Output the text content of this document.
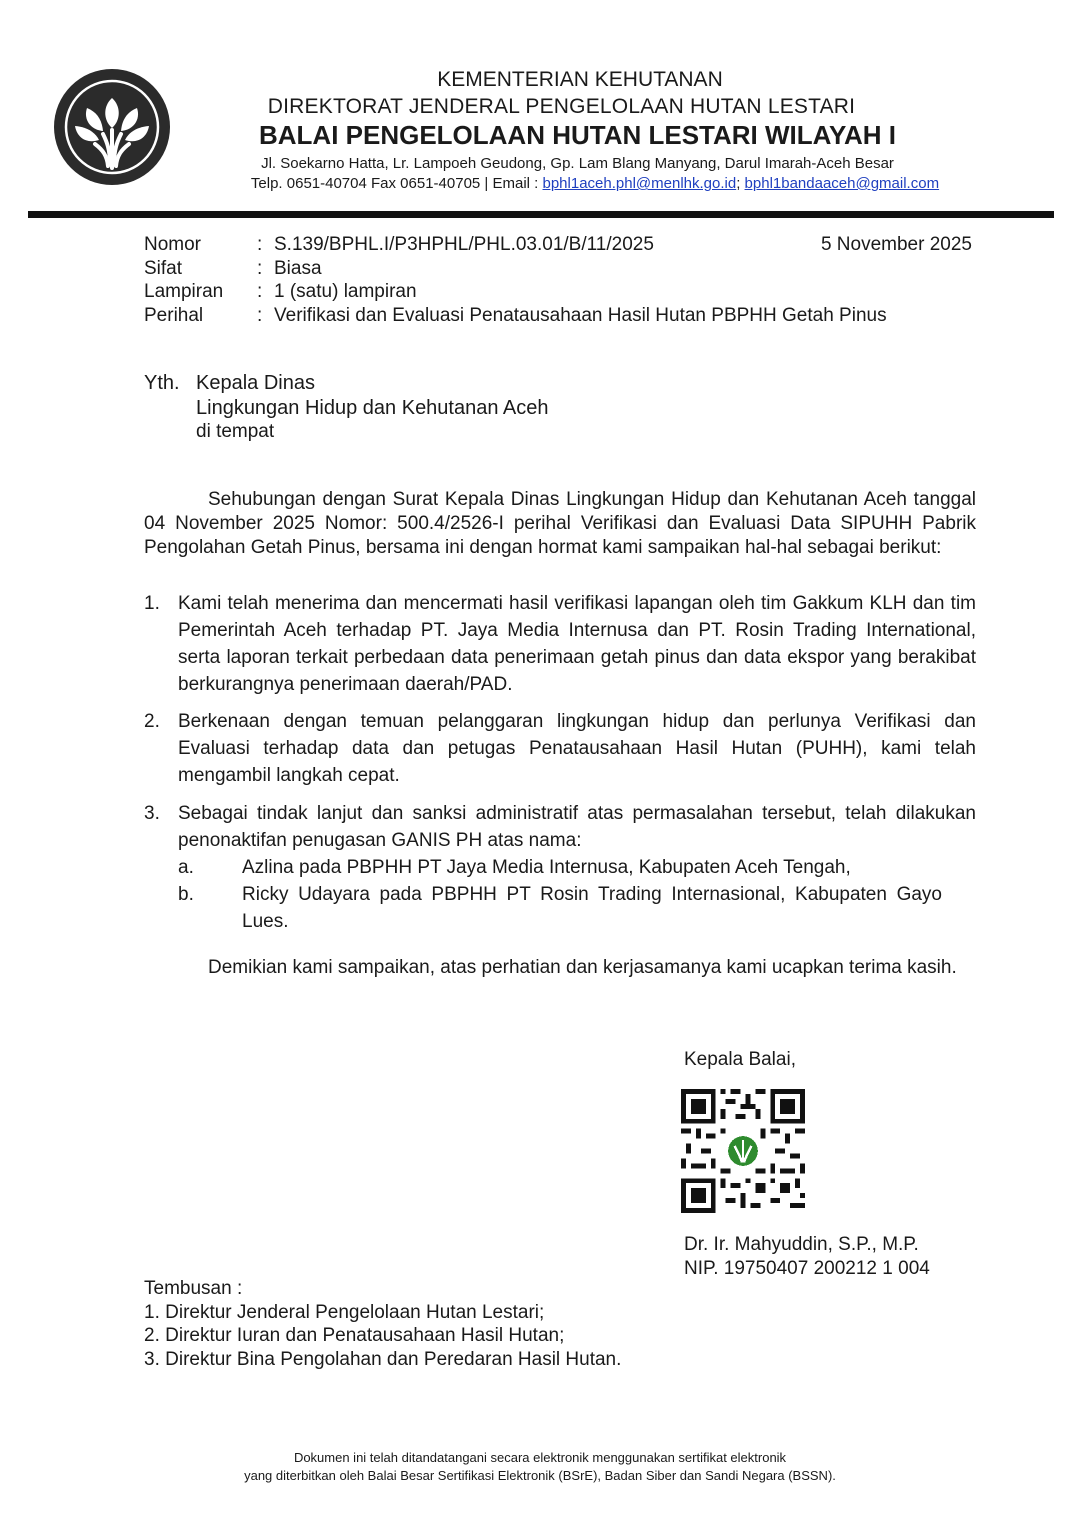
KEMENTERIAN KEHUTANAN
DIREKTORAT JENDERAL PENGELOLAAN HUTAN LESTARI
BALAI PENGELOLAAN HUTAN LESTARI WILAYAH I
Jl. Soekarno Hatta, Lr. Lampoeh Geudong, Gp. Lam Blang Manyang, Darul Imarah-Aceh Besar
Telp. 0651-40704 Fax 0651-40705 | Email : bphl1aceh.phl@menlhk.go.id; bphl1bandaaceh@gmail.com
Nomor	: S.139/BPHL.I/P3HPHL/PHL.03.01/B/11/2025
Sifat	: Biasa
Lampiran	: 1 (satu) lampiran
Perihal	: Verifikasi dan Evaluasi Penatausahaan Hasil Hutan PBPHH Getah Pinus
5 November 2025
Yth. Kepala Dinas
Lingkungan Hidup dan Kehutanan Aceh
di tempat
Sehubungan dengan Surat Kepala Dinas Lingkungan Hidup dan Kehutanan Aceh tanggal 04 November 2025 Nomor: 500.4/2526-I perihal Verifikasi dan Evaluasi Data SIPUHH Pabrik Pengolahan Getah Pinus, bersama ini dengan hormat kami sampaikan hal-hal sebagai berikut:
1. Kami telah menerima dan mencermati hasil verifikasi lapangan oleh tim Gakkum KLH dan tim Pemerintah Aceh terhadap PT. Jaya Media Internusa dan PT. Rosin Trading International, serta laporan terkait perbedaan data penerimaan getah pinus dan data ekspor yang berakibat berkurangnya penerimaan daerah/PAD.
2. Berkenaan dengan temuan pelanggaran lingkungan hidup dan perlunya Verifikasi dan Evaluasi terhadap data dan petugas Penatausahaan Hasil Hutan (PUHH), kami telah mengambil langkah cepat.
3. Sebagai tindak lanjut dan sanksi administratif atas permasalahan tersebut, telah dilakukan penonaktifan penugasan GANIS PH atas nama:
a.	Azlina pada PBPHH PT Jaya Media Internusa, Kabupaten Aceh Tengah,
b.	Ricky Udayara pada PBPHH PT Rosin Trading Internasional, Kabupaten Gayo Lues.
Demikian kami sampaikan, atas perhatian dan kerjasamanya kami ucapkan terima kasih.
Kepala Balai,
Dr. Ir. Mahyuddin, S.P., M.P.
NIP. 19750407 200212 1 004
Tembusan :
1. Direktur Jenderal Pengelolaan Hutan Lestari;
2. Direktur Iuran dan Penatausahaan Hasil Hutan;
3. Direktur Bina Pengolahan dan Peredaran Hasil Hutan.
Dokumen ini telah ditandatangani secara elektronik menggunakan sertifikat elektronik
yang diterbitkan oleh Balai Besar Sertifikasi Elektronik (BSrE), Badan Siber dan Sandi Negara (BSSN).
